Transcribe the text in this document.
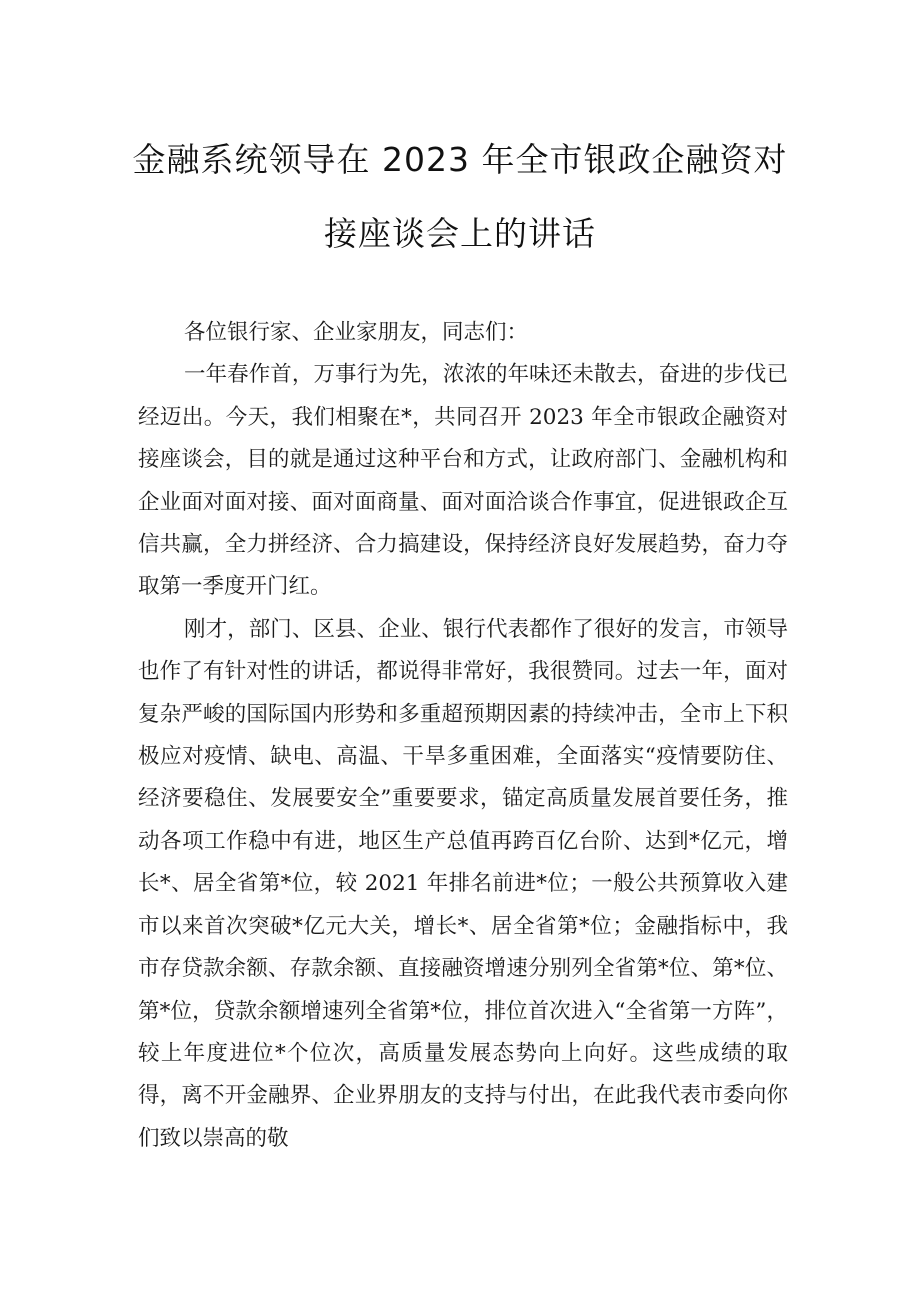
金融系统领导在 2023 年全市银政企融资对
接座谈会上的讲话

各位银行家、企业家朋友，同志们：

一年春作首，万事行为先，浓浓的年味还未散去，奋进的步伐已经迈出。今天，我们相聚在*，共同召开 2023 年全市银政企融资对接座谈会，目的就是通过这种平台和方式，让政府部门、金融机构和企业面对面对接、面对面商量、面对面洽谈合作事宜，促进银政企互信共赢，全力拼经济、合力搞建设，保持经济良好发展趋势，奋力夺取第一季度开门红。

刚才，部门、区县、企业、银行代表都作了很好的发言，市领导也作了有针对性的讲话，都说得非常好，我很赞同。过去一年，面对复杂严峻的国际国内形势和多重超预期因素的持续冲击，全市上下积极应对疫情、缺电、高温、干旱多重困难，全面落实“疫情要防住、经济要稳住、发展要安全”重要要求，锚定高质量发展首要任务，推动各项工作稳中有进，地区生产总值再跨百亿台阶、达到*亿元，增长*、居全省第*位，较 2021 年排名前进*位；一般公共预算收入建市以来首次突破*亿元大关，增长*、居全省第*位；金融指标中，我市存贷款余额、存款余额、直接融资增速分别列全省第*位、第*位、第*位，贷款余额增速列全省第*位，排位首次进入“全省第一方阵”，较上年度进位*个位次，高质量发展态势向上向好。这些成绩的取得，离不开金融界、企业界朋友的支持与付出，在此我代表市委向你们致以崇高的敬
